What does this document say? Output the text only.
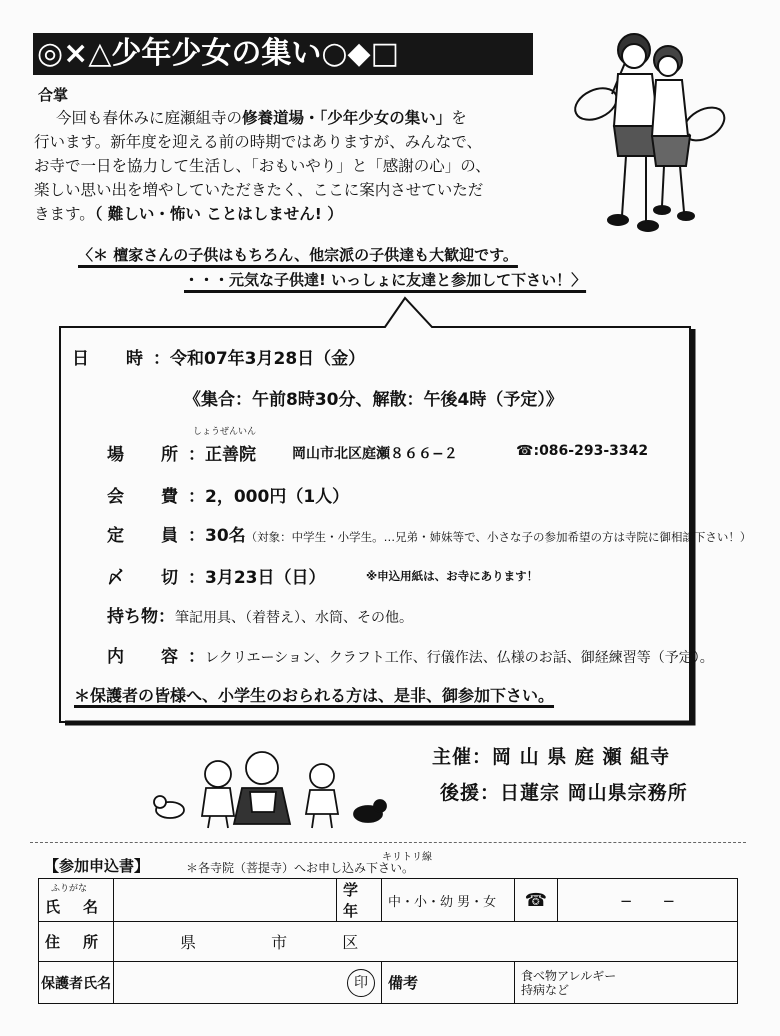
◎×△少年少女の集い○◆□
合掌
今回も春休みに庭瀬組寺の修養道場・「少年少女の集い」を
行います。新年度を迎える前の時期ではありますが、みんなで、
お寺で一日を協力して生活し、「おもいやり」と「感謝の心」の、
楽しい思い出を増やしていただきたく、ここに案内させていただ
きます。（ 難しい・怖い ことはしません! ）
〈＊ 檀家さんの子供はもちろん、他宗派の子供達も大歓迎です。
・・・元気な子供達! いっしょに友達と参加して下さい！〉
日　時：令和07年3月28日（金）
《集合：午前8時30分、解散：午後4時（予定）》
しょうぜんいん
場　所：正善院	岡山市北区庭瀬８６６−２	☎:086-293-3342
会　費：2，000円（1人）
定　員：30名（対象：中学生・小学生。…兄弟・姉妹等で、小さな子の参加希望の方は寺院に御相談下さい！）
〆　切：3月23日（日）	※申込用紙は、お寺にあります！
持ち物：筆記用具、（着替え）、水筒、その他。
内　容：レクリエーション、クラフト工作、行儀作法、仏様のお話、御経練習等（予定）。
＊保護者の皆様へ、小学生のおられる方は、是非、御参加下さい。
主催：岡 山 県 庭 瀬 組寺
後援：日蓮宗 岡山県宗務所
キリトリ線
【参加申込書】	＊各寺院（菩提寺）へお申し込み下さい。
ふりがな
氏　名		学年	中・小・幼 男・女	☎	−　　−
住　所	県 市 区				
保護者氏名	印		備考	食べ物アレルギー
持病など	
